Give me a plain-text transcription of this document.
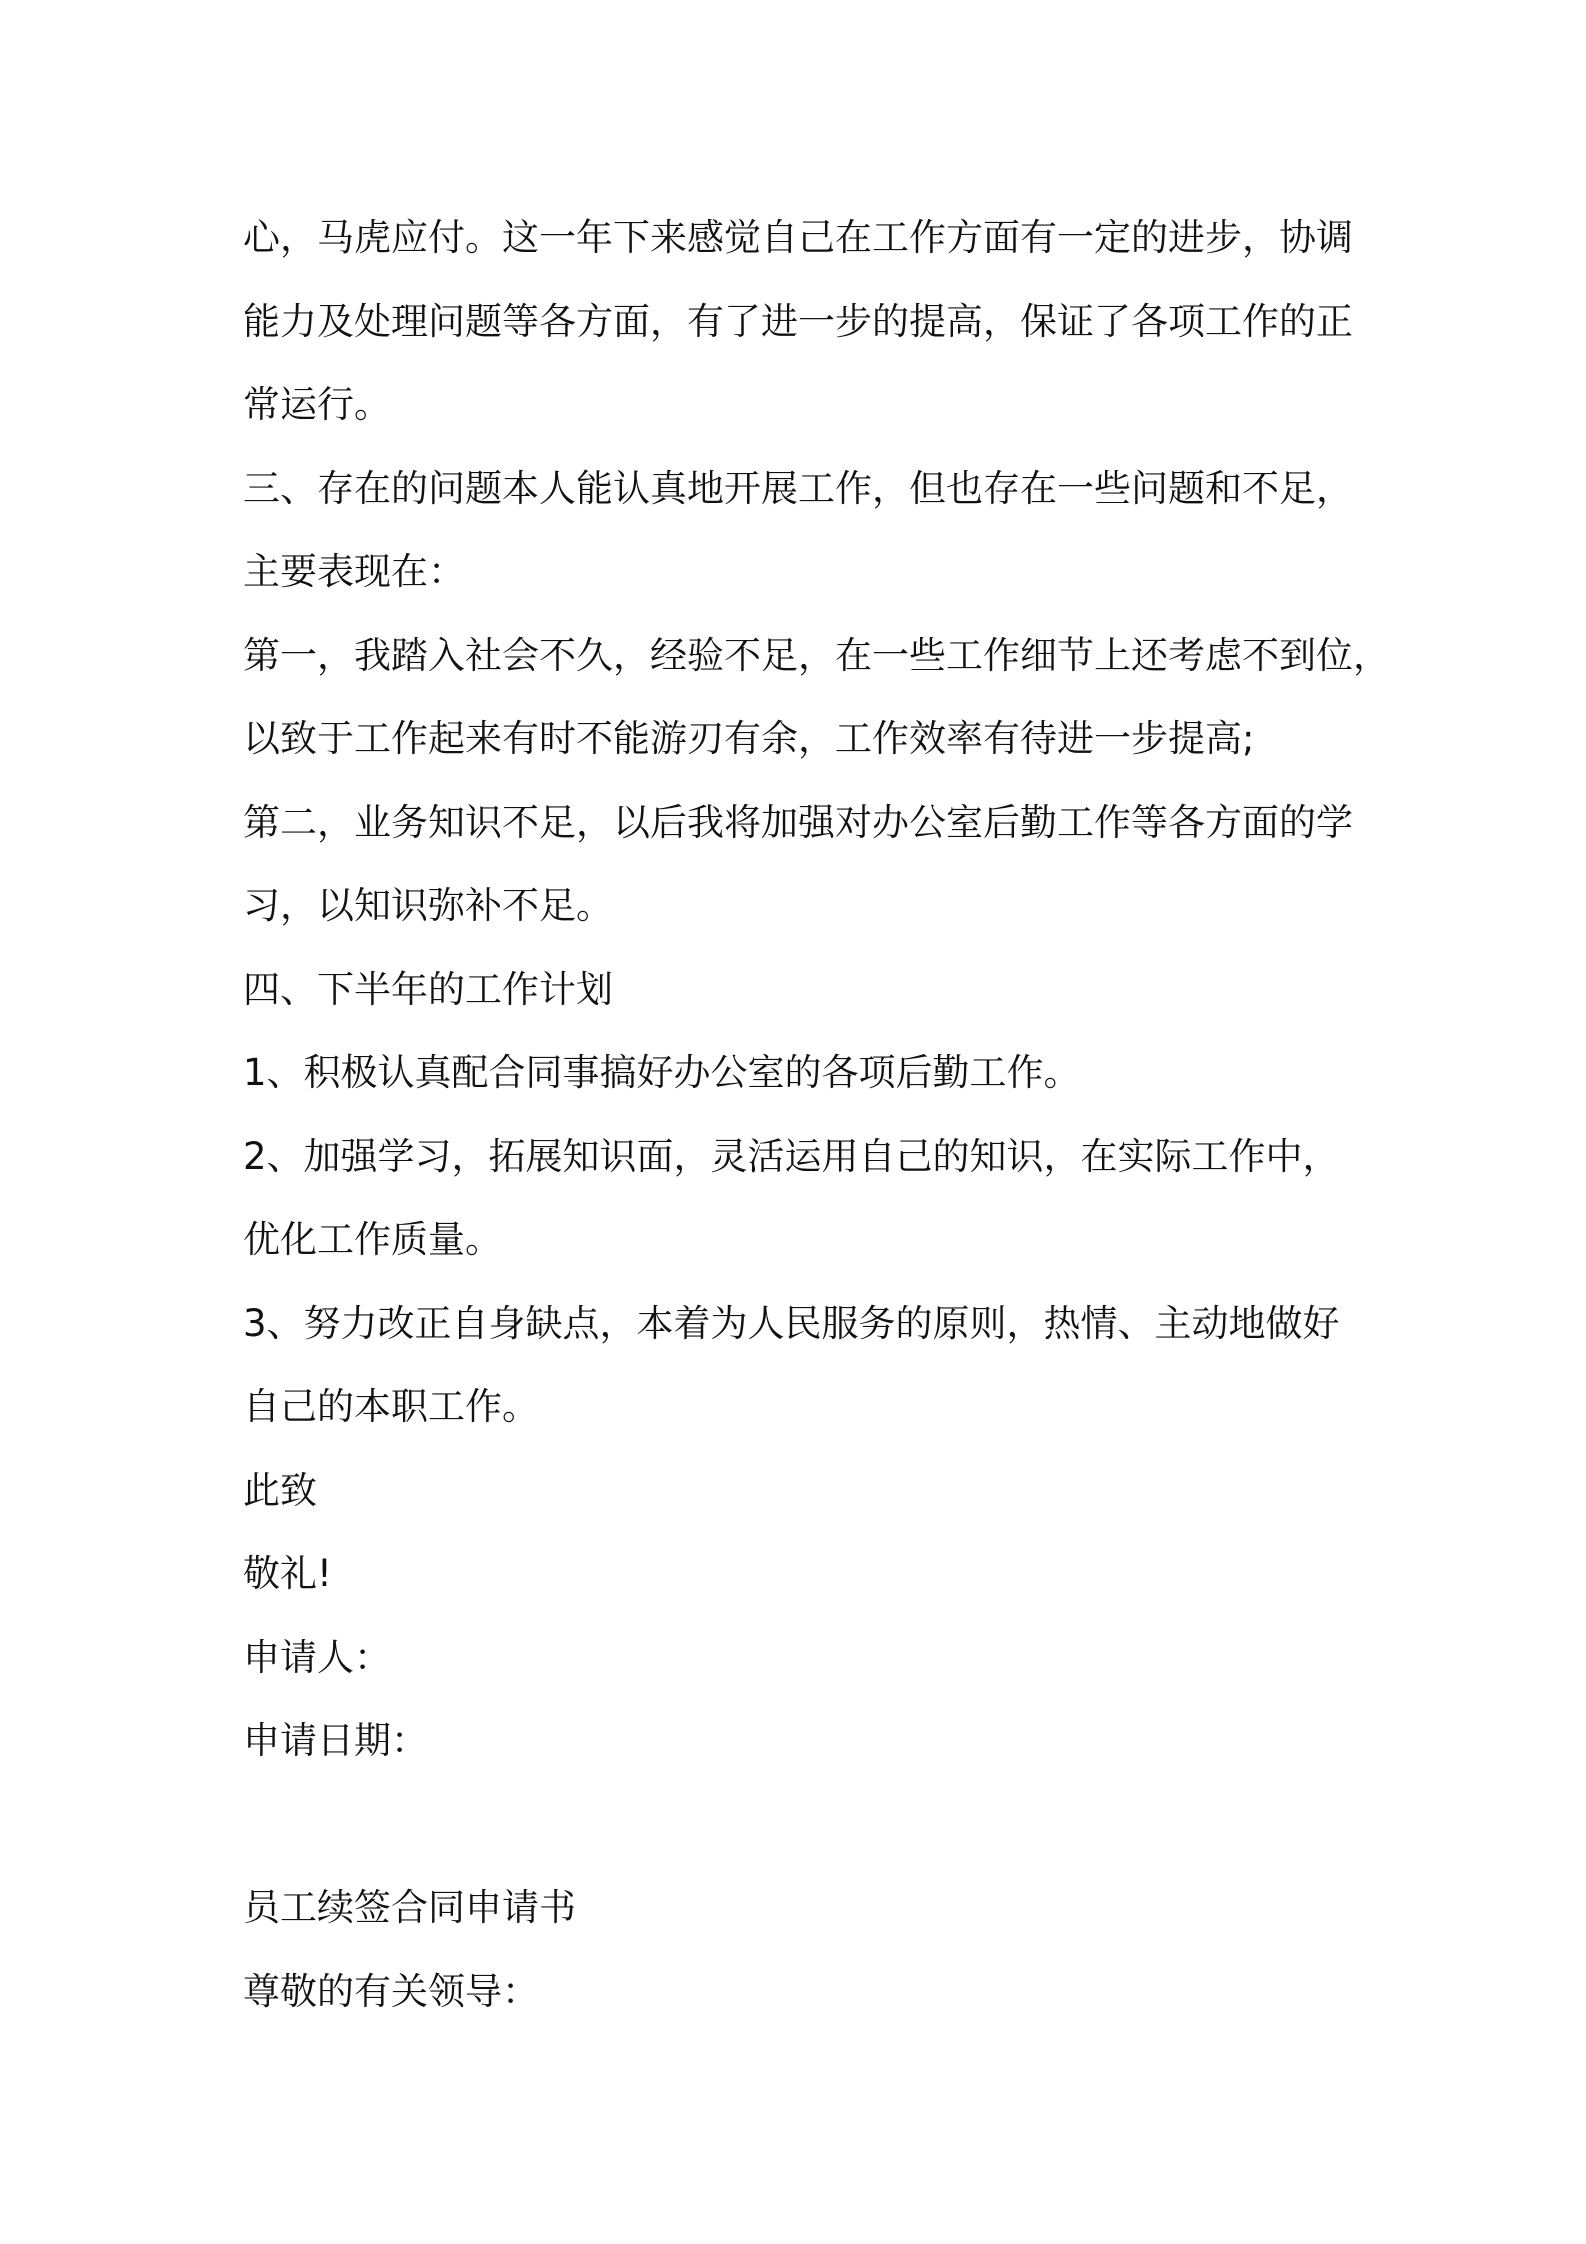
心，马虎应付。这一年下来感觉自己在工作方面有一定的进步，协调
能力及处理问题等各方面，有了进一步的提高，保证了各项工作的正
常运行。
三、存在的问题本人能认真地开展工作，但也存在一些问题和不足，
主要表现在：
第一，我踏入社会不久，经验不足，在一些工作细节上还考虑不到位，
以致于工作起来有时不能游刃有余，工作效率有待进一步提高;
第二，业务知识不足，以后我将加强对办公室后勤工作等各方面的学
习，以知识弥补不足。
四、下半年的工作计划
1、积极认真配合同事搞好办公室的各项后勤工作。
2、加强学习，拓展知识面，灵活运用自己的知识，在实际工作中，
优化工作质量。
3、努力改正自身缺点，本着为人民服务的原则，热情、主动地做好
自己的本职工作。
此致
敬礼!
申请人：
申请日期：
员工续签合同申请书
尊敬的有关领导：
